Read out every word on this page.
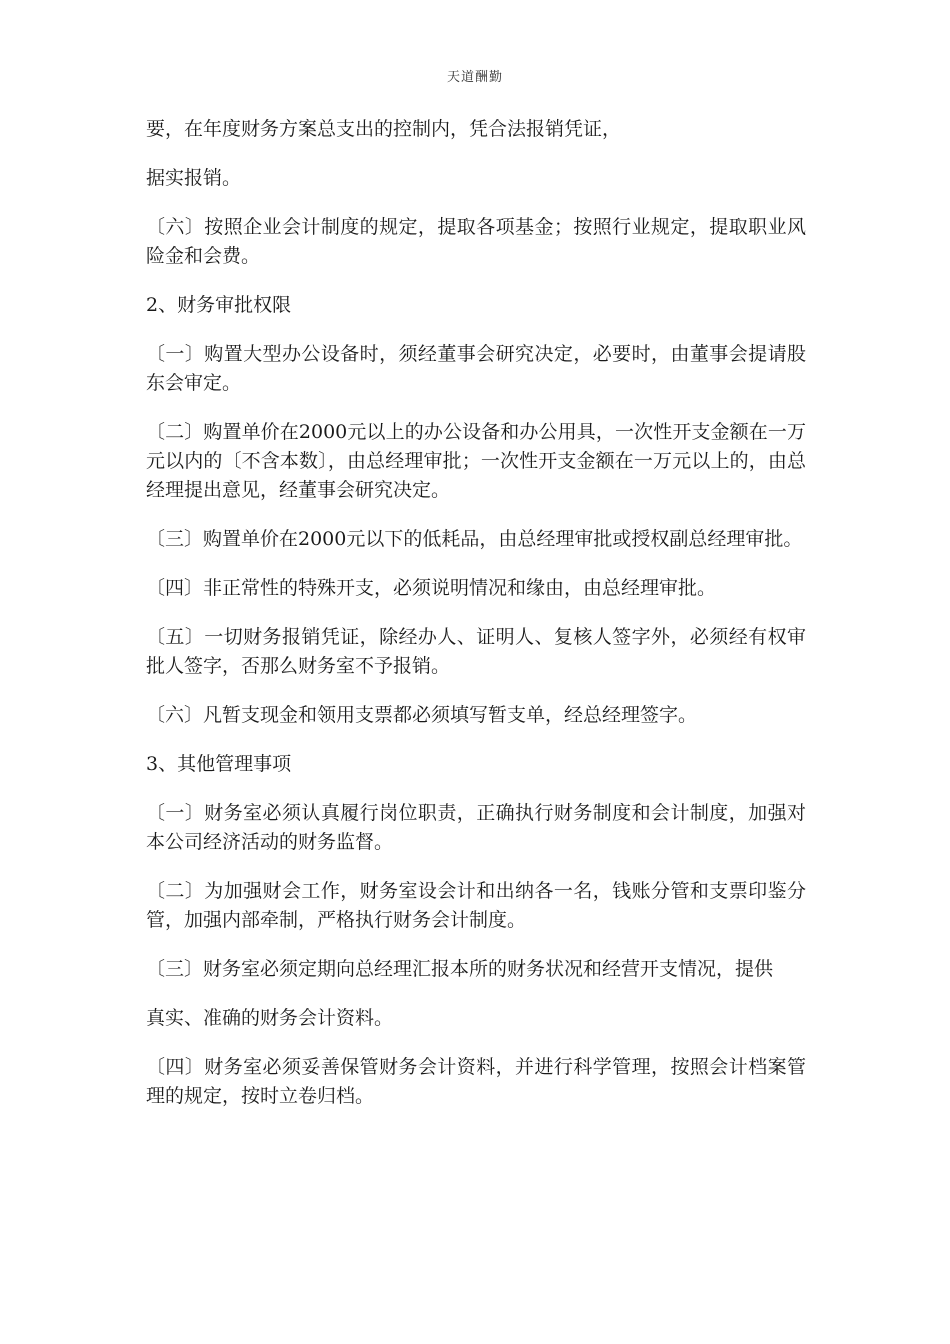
天道酬勤

要，在年度财务方案总支出的控制内，凭合法报销凭证，

据实报销。

〔六〕按照企业会计制度的规定，提取各项基金；按照行业规定，提取职业风险金和会费。

2、财务审批权限

〔一〕购置大型办公设备时，须经董事会研究决定，必要时，由董事会提请股东会审定。

〔二〕购置单价在2000元以上的办公设备和办公用具，一次性开支金额在一万元以内的〔不含本数〕，由总经理审批；一次性开支金额在一万元以上的，由总经理提出意见，经董事会研究决定。

〔三〕购置单价在2000元以下的低耗品，由总经理审批或授权副总经理审批。

〔四〕非正常性的特殊开支，必须说明情况和缘由，由总经理审批。

〔五〕一切财务报销凭证，除经办人、证明人、复核人签字外，必须经有权审批人签字，否那么财务室不予报销。

〔六〕凡暂支现金和领用支票都必须填写暂支单，经总经理签字。

3、其他管理事项

〔一〕财务室必须认真履行岗位职责，正确执行财务制度和会计制度，加强对本公司经济活动的财务监督。

〔二〕为加强财会工作，财务室设会计和出纳各一名，钱账分管和支票印鉴分管，加强内部牵制，严格执行财务会计制度。

〔三〕财务室必须定期向总经理汇报本所的财务状况和经营开支情况，提供

真实、准确的财务会计资料。

〔四〕财务室必须妥善保管财务会计资料，并进行科学管理，按照会计档案管理的规定，按时立卷归档。
